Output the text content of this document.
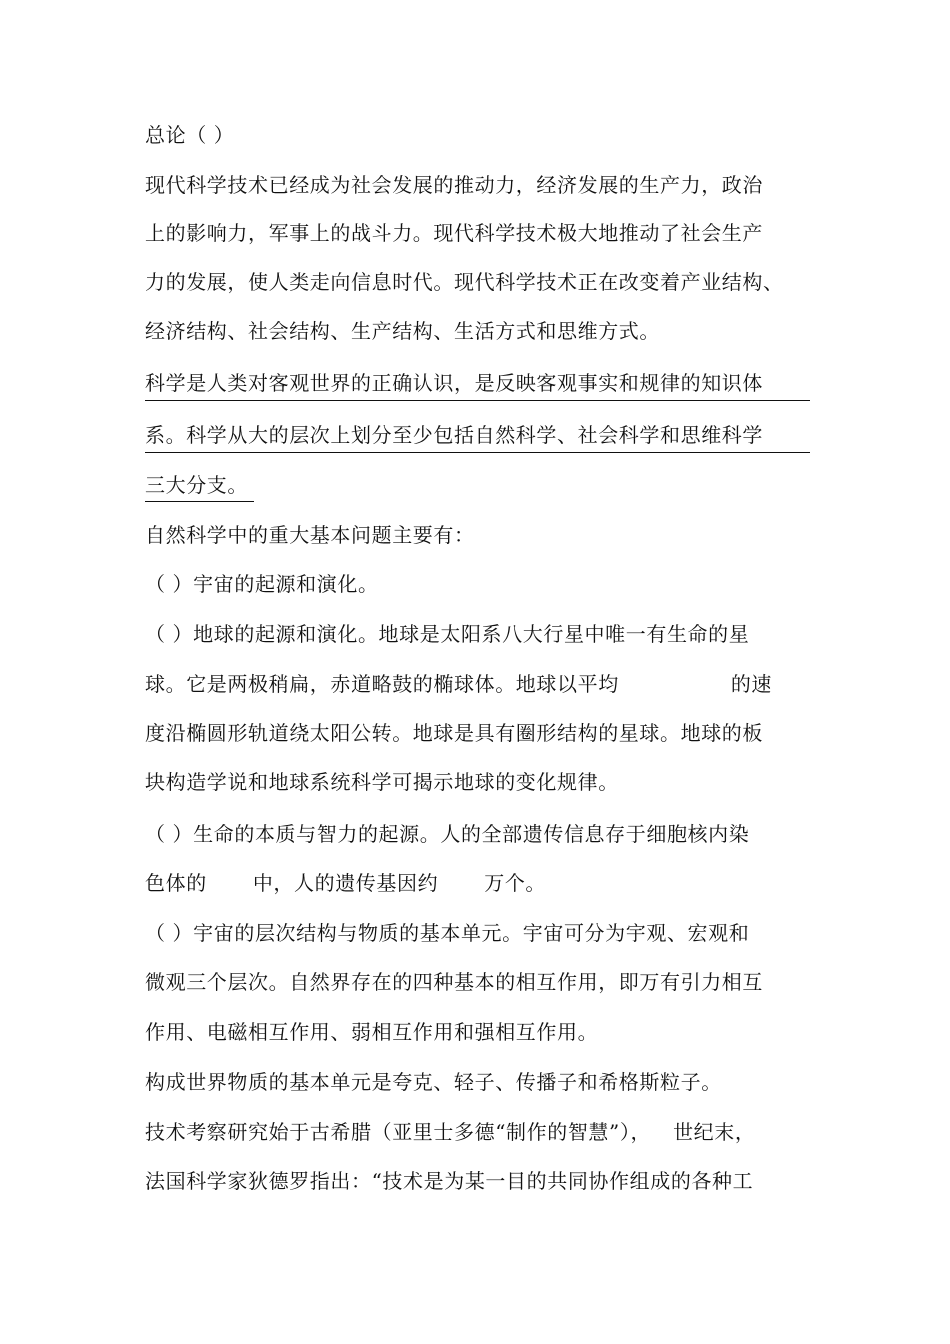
总论（ ）
现代科学技术已经成为社会发展的推动力，经济发展的生产力，政治
上的影响力，军事上的战斗力。现代科学技术极大地推动了社会生产
力的发展，使人类走向信息时代。现代科学技术正在改变着产业结构、
经济结构、社会结构、生产结构、生活方式和思维方式。
科学是人类对客观世界的正确认识，是反映客观事实和规律的知识体
系。科学从大的层次上划分至少包括自然科学、社会科学和思维科学
三大分支。
自然科学中的重大基本问题主要有：
（ ）宇宙的起源和演化。
（ ）地球的起源和演化。地球是太阳系八大行星中唯一有生命的星
球。它是两极稍扁，赤道略鼓的椭球体。地球以平均	的速
度沿椭圆形轨道绕太阳公转。地球是具有圈形结构的星球。地球的板
块构造学说和地球系统科学可揭示地球的变化规律。
（ ）生命的本质与智力的起源。人的全部遗传信息存于细胞核内染
色体的 中，人的遗传基因约 万个。
（ ）宇宙的层次结构与物质的基本单元。宇宙可分为宇观、宏观和
微观三个层次。自然界存在的四种基本的相互作用，即万有引力相互
作用、电磁相互作用、弱相互作用和强相互作用。
构成世界物质的基本单元是夸克、轻子、传播子和希格斯粒子。
技术考察研究始于古希腊（亚里士多德“制作的智慧”）， 世纪末，
法国科学家狄德罗指出：“技术是为某一目的共同协作组成的各种工
